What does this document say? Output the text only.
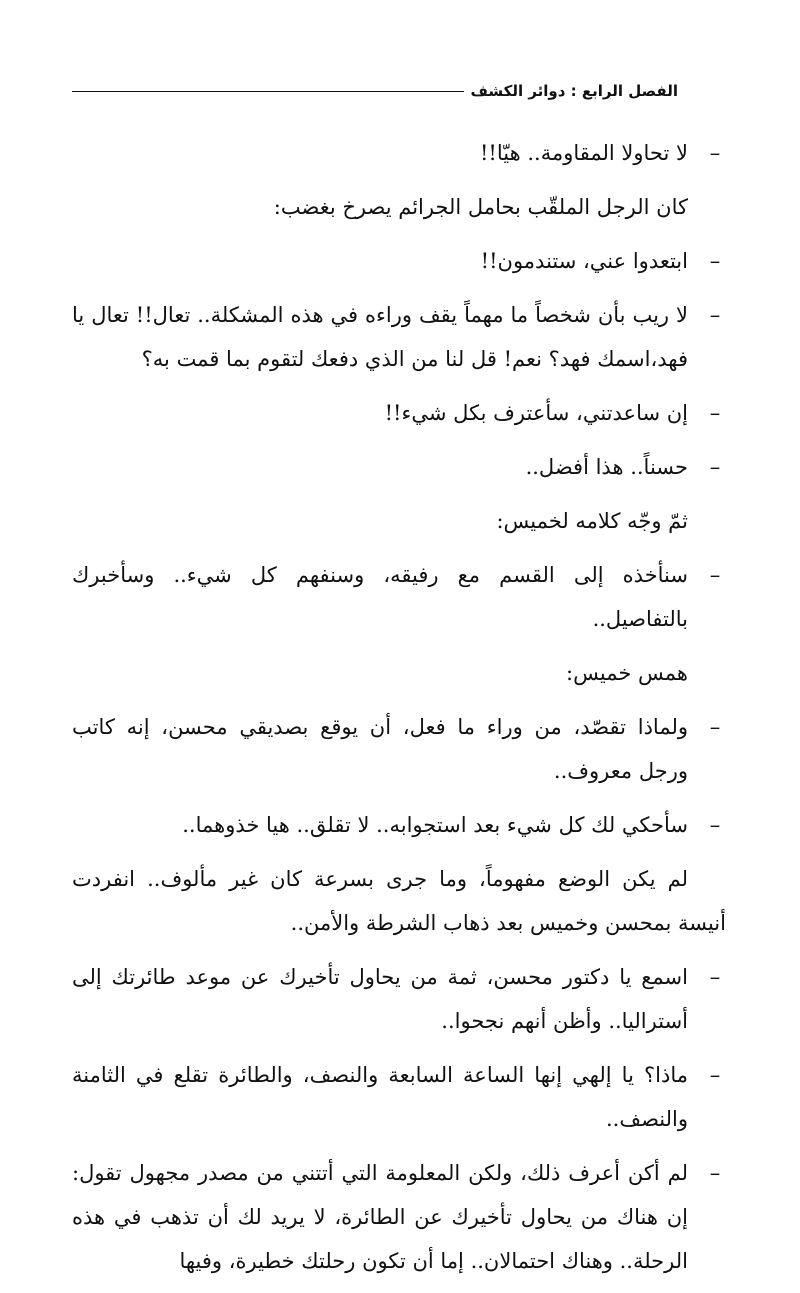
الفصل الرابع : دوائر الكشف

–
لا تحاولا المقاومة.. هيّا!!

كان الرجل الملقّب بحامل الجرائم يصرخ بغضب:

–
ابتعدوا عني، ستندمون!!

–
لا ريب بأن شخصاً ما مهماً يقف وراءه في هذه المشكلة.. تعال!! تعال يا فهد،اسمك فهد؟ نعم! قل لنا من الذي دفعك لتقوم بما قمت به؟

–
إن ساعدتني، سأعترف بكل شيء!!

–
حسناً.. هذا أفضل..

ثمّ وجّه كلامه لخميس:

–
سنأخذه إلى القسم مع رفيقه، وسنفهم كل شيء.. وسأخبرك بالتفاصيل..

همس خميس:

–
ولماذا تقصّد، من وراء ما فعل، أن يوقع بصديقي محسن، إنه كاتب ورجل معروف..

–
سأحكي لك كل شيء بعد استجوابه.. لا تقلق.. هيا خذوهما..

لم يكن الوضع مفهوماً، وما جرى بسرعة كان غير مألوف.. انفردت أنيسة بمحسن وخميس بعد ذهاب الشرطة والأمن..

–
اسمع يا دكتور محسن، ثمة من يحاول تأخيرك عن موعد طائرتك إلى أستراليا.. وأظن أنهم نجحوا..

–
ماذا؟ يا إلهي إنها الساعة السابعة والنصف، والطائرة تقلع في الثامنة والنصف..

–
لم أكن أعرف ذلك، ولكن المعلومة التي أتتني من مصدر مجهول تقول: إن هناك من يحاول تأخيرك عن الطائرة، لا يريد لك أن تذهب في هذه الرحلة.. وهناك احتمالان.. إما أن تكون رحلتك خطيرة، وفيها
